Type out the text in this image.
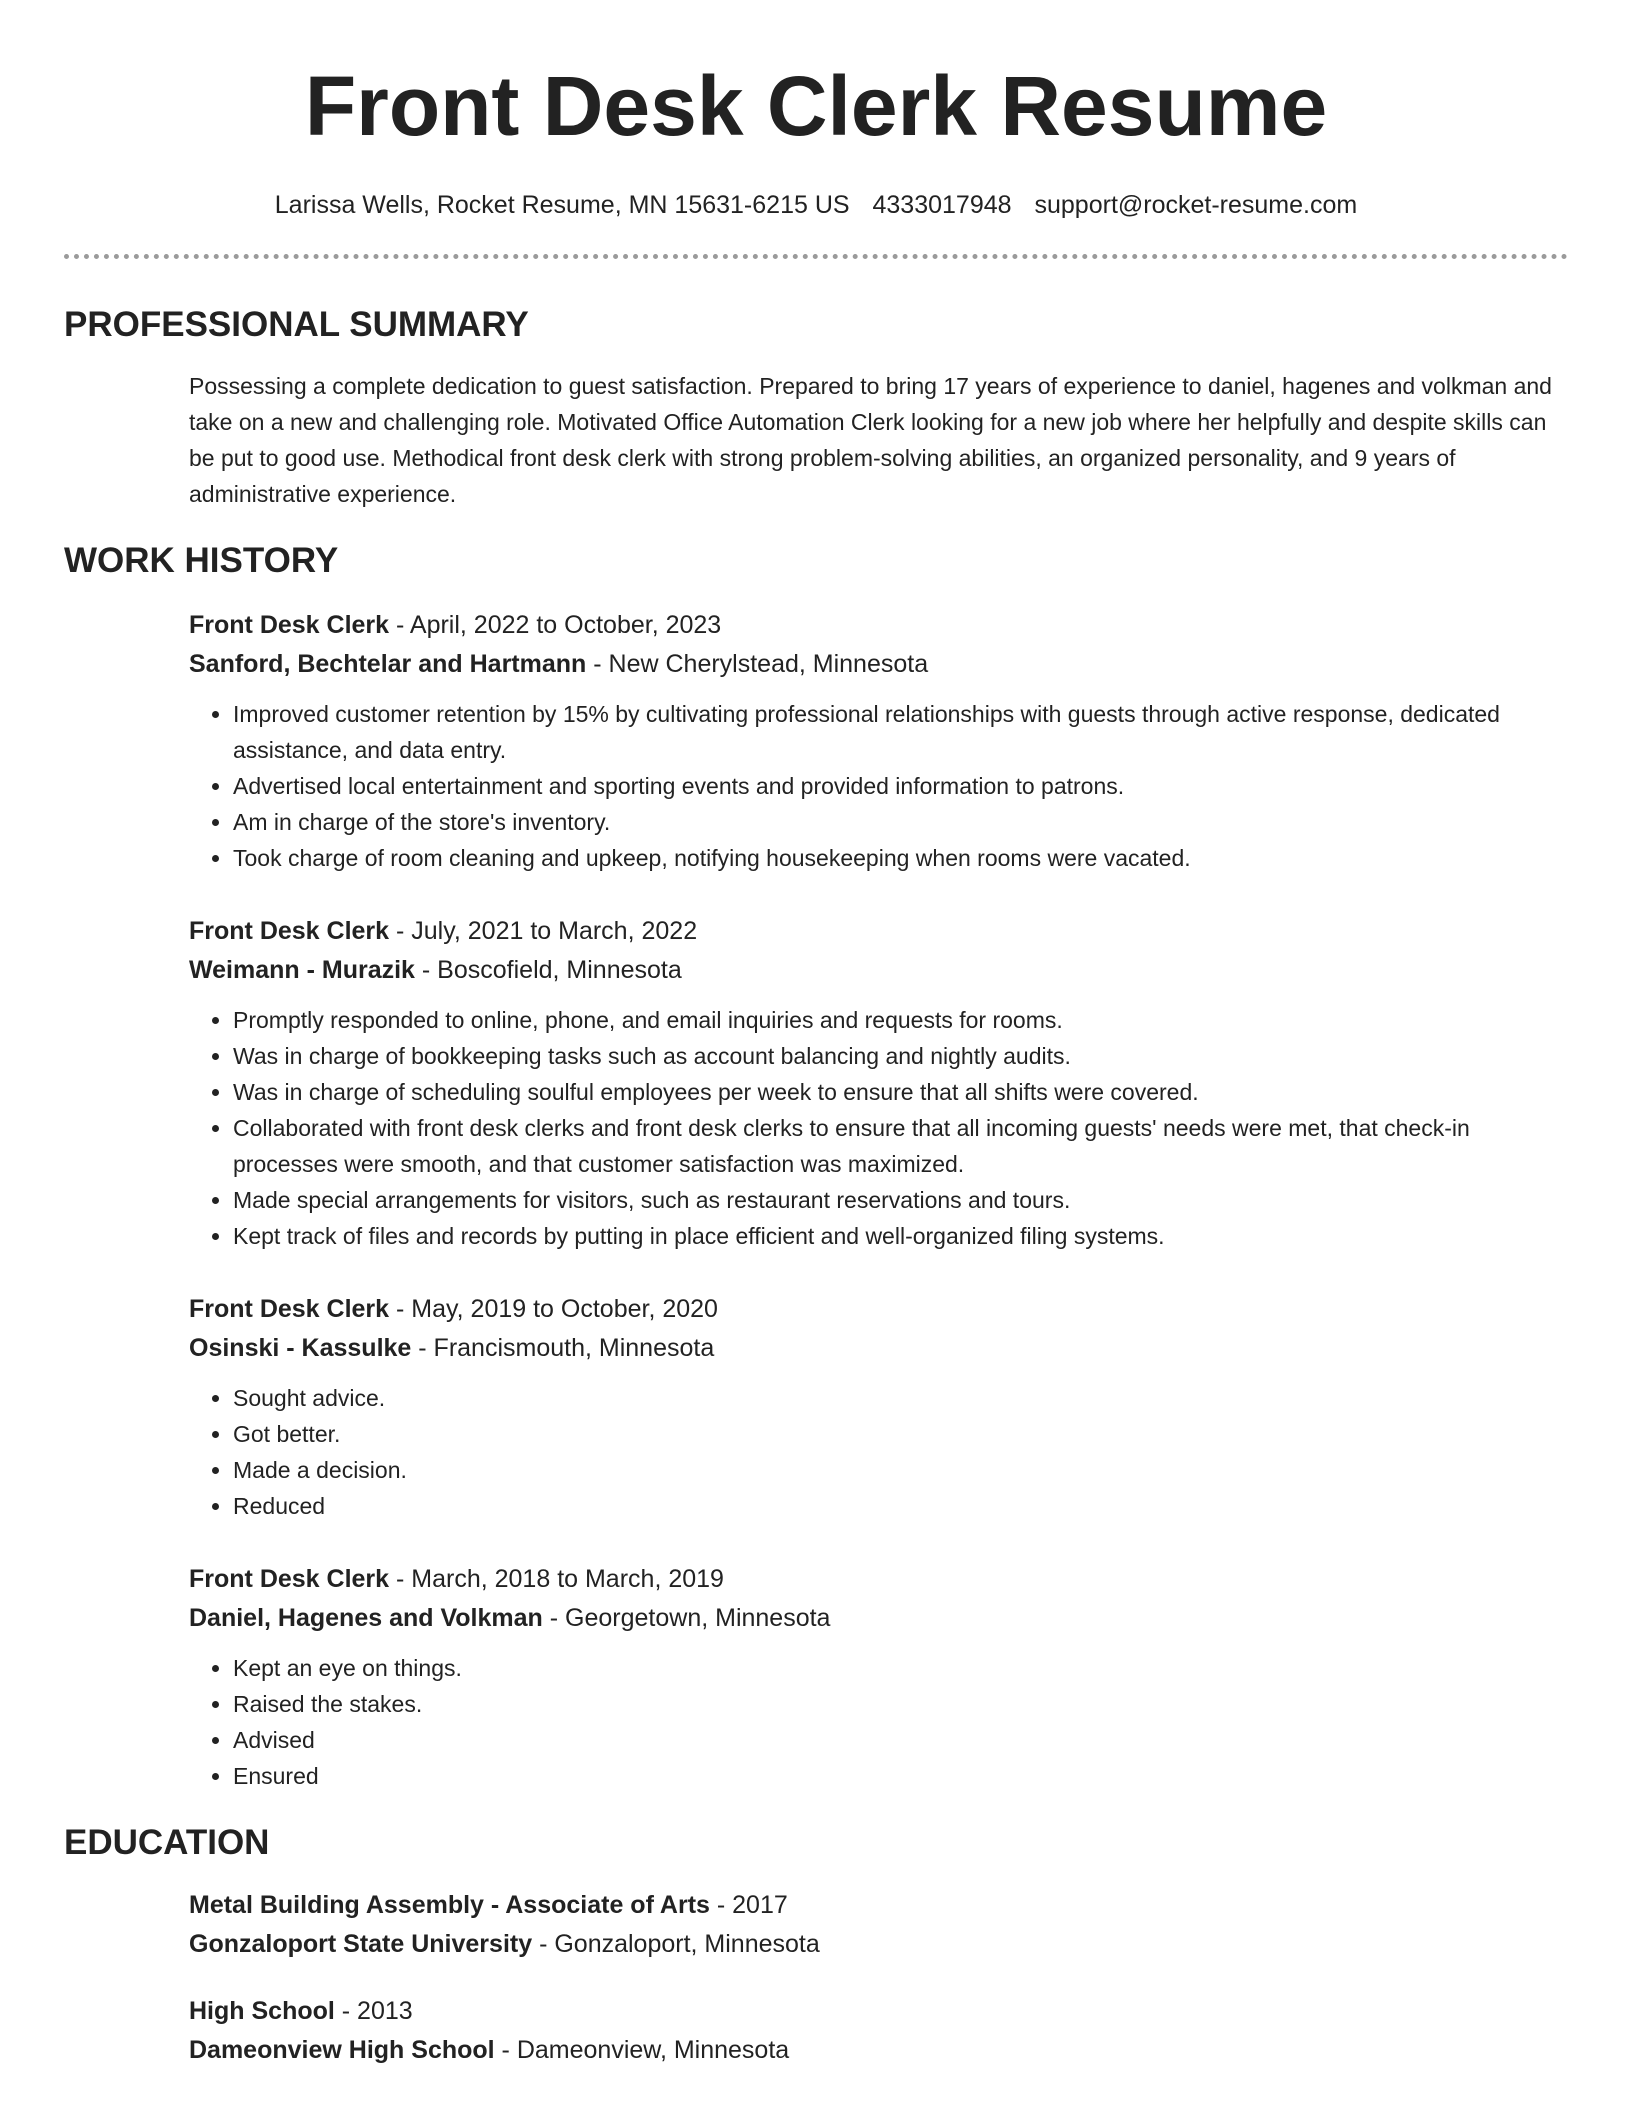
Front Desk Clerk Resume
Larissa Wells, Rocket Resume, MN 15631-6215 US 4333017948 support@rocket-resume.com
PROFESSIONAL SUMMARY
Possessing a complete dedication to guest satisfaction. Prepared to bring 17 years of experience to daniel, hagenes and volkman and take on a new and challenging role. Motivated Office Automation Clerk looking for a new job where her helpfully and despite skills can be put to good use. Methodical front desk clerk with strong problem-solving abilities, an organized personality, and 9 years of administrative experience.
WORK HISTORY
Front Desk Clerk - April, 2022 to October, 2023
Sanford, Bechtelar and Hartmann - New Cherylstead, Minnesota
• Improved customer retention by 15% by cultivating professional relationships with guests through active response, dedicated assistance, and data entry.
• Advertised local entertainment and sporting events and provided information to patrons.
• Am in charge of the store's inventory.
• Took charge of room cleaning and upkeep, notifying housekeeping when rooms were vacated.
Front Desk Clerk - July, 2021 to March, 2022
Weimann - Murazik - Boscofield, Minnesota
• Promptly responded to online, phone, and email inquiries and requests for rooms.
• Was in charge of bookkeeping tasks such as account balancing and nightly audits.
• Was in charge of scheduling soulful employees per week to ensure that all shifts were covered.
• Collaborated with front desk clerks and front desk clerks to ensure that all incoming guests' needs were met, that check-in processes were smooth, and that customer satisfaction was maximized.
• Made special arrangements for visitors, such as restaurant reservations and tours.
• Kept track of files and records by putting in place efficient and well-organized filing systems.
Front Desk Clerk - May, 2019 to October, 2020
Osinski - Kassulke - Francismouth, Minnesota
• Sought advice.
• Got better.
• Made a decision.
• Reduced
Front Desk Clerk - March, 2018 to March, 2019
Daniel, Hagenes and Volkman - Georgetown, Minnesota
• Kept an eye on things.
• Raised the stakes.
• Advised
• Ensured
EDUCATION
Metal Building Assembly - Associate of Arts - 2017
Gonzaloport State University - Gonzaloport, Minnesota
High School - 2013
Dameonview High School - Dameonview, Minnesota
